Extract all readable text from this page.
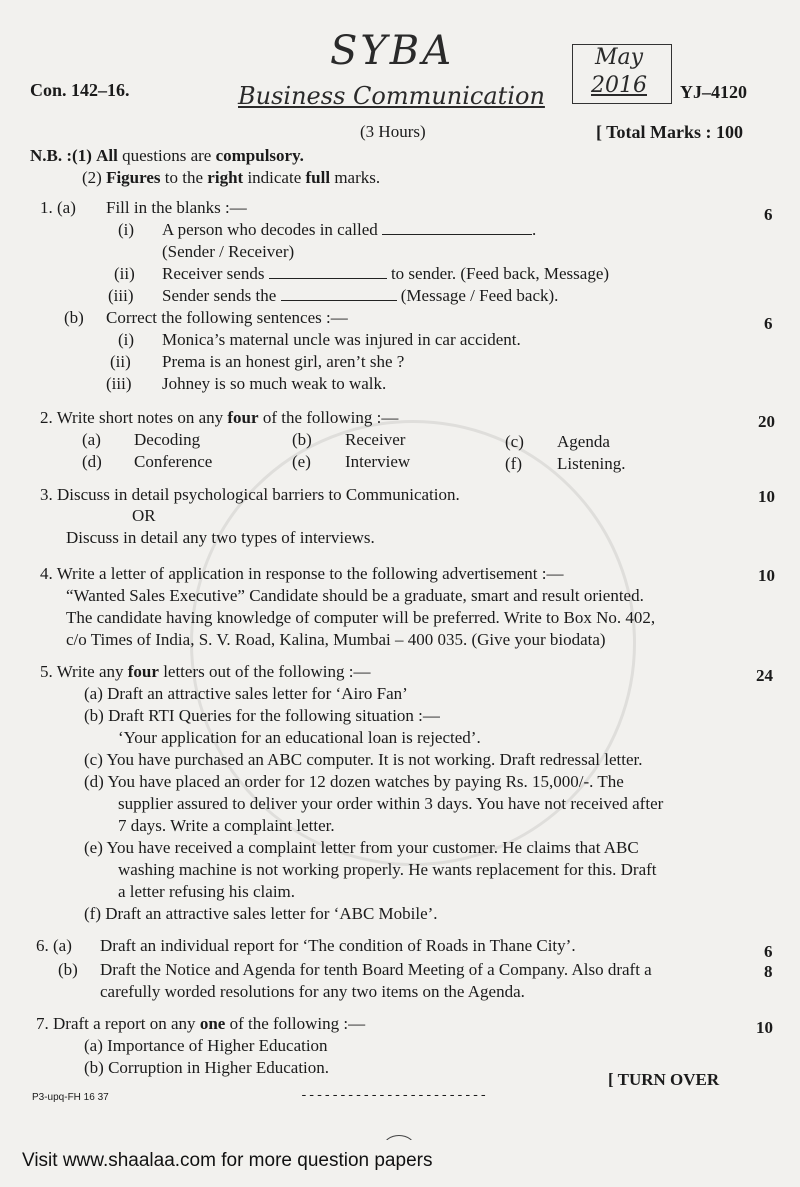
SYBA
Business Communication
May
2016
Con. 142–16.	YJ–4120
(3 Hours)	[ Total Marks : 100
N.B. :(1) All questions are compulsory.
(2) Figures to the right indicate full marks.
1. (a) Fill in the blanks :—	6
(i) A person who decodes in called	.
(Sender / Receiver)
(ii) Receiver sends	to sender. (Feed back, Message)
(iii) Sender sends the	(Message / Feed back).
(b) Correct the following sentences :—	6
(i) Monica’s maternal uncle was injured in car accident.
(ii) Prema is an honest girl, aren’t she ?
(iii) Johney is so much weak to walk.
2. Write short notes on any four of the following :—	20
(a) Decoding	(b) Receiver	(c) Agenda
(d) Conference	(e) Interview	(f) Listening.
3. Discuss in detail psychological barriers to Communication.	10
OR
Discuss in detail any two types of interviews.
4. Write a letter of application in response to the following advertisement :—	10
“Wanted Sales Executive” Candidate should be a graduate, smart and result oriented.
The candidate having knowledge of computer will be preferred. Write to Box No. 402,
c/o Times of India, S. V. Road, Kalina, Mumbai – 400 035. (Give your biodata)
5. Write any four letters out of the following :—	24
(a) Draft an attractive sales letter for ‘Airo Fan’
(b) Draft RTI Queries for the following situation :—
‘Your application for an educational loan is rejected’.
(c) You have purchased an ABC computer. It is not working. Draft redressal letter.
(d) You have placed an order for 12 dozen watches by paying Rs. 15,000/-. The
supplier assured to deliver your order within 3 days. You have not received after
7 days. Write a complaint letter.
(e) You have received a complaint letter from your customer. He claims that ABC
washing machine is not working properly. He wants replacement for this. Draft
a letter refusing his claim.
(f) Draft an attractive sales letter for ‘ABC Mobile’.
6. (a) Draft an individual report for ‘The condition of Roads in Thane City’.	6
(b) Draft the Notice and Agenda for tenth Board Meeting of a Company. Also draft a	8
carefully worded resolutions for any two items on the Agenda.
7. Draft a report on any one of the following :—	10
(a) Importance of Higher Education
(b) Corruption in Higher Education.
[ TURN OVER
P3-upq-FH 16 37	------------------------
Visit www.shaalaa.com for more question papers
